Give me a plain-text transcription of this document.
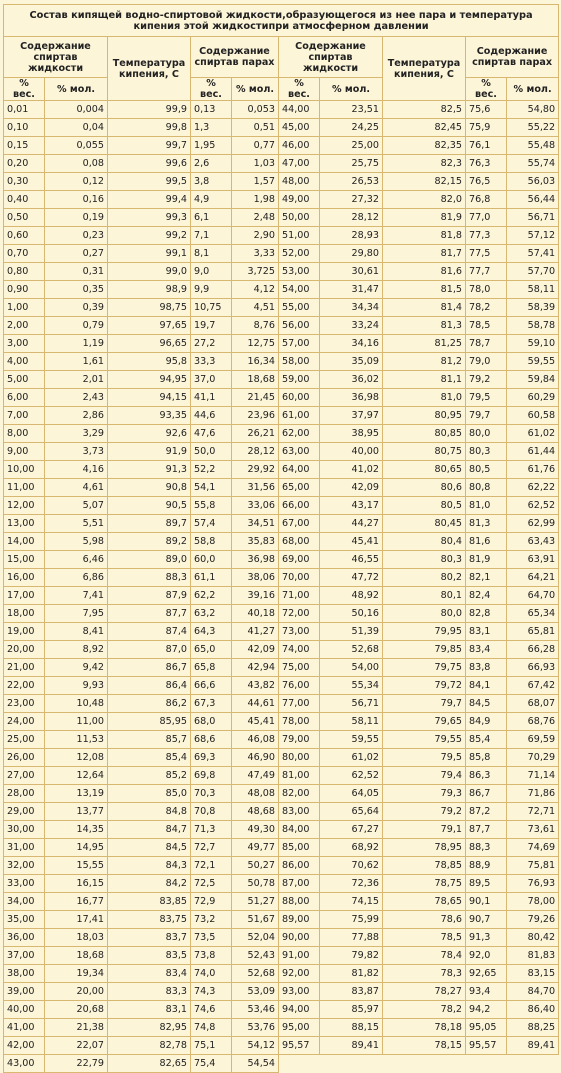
Состав кипящей водно-спиртовой жидкости,образующегося из нее пара и температура кипения этой жидкостипри атмосферном давлении									
Содержание спиртав жидкости		Температура кипения, С	Содержание спиртав парах		Содержание спиртав жидкости		Температура кипения, С	Содержание спиртав парах	
% вес.	% мол.		% вес.	% мол.	% вес.	% мол.		% вес.	% мол.
0,01	0,004	99,9	0,13	0,053	44,00	23,51	82,5	75,6	54,80
0,10	0,04	99,8	1,3	0,51	45,00	24,25	82,45	75,9	55,22
0,15	0,055	99,7	1,95	0,77	46,00	25,00	82,35	76,1	55,48
0,20	0,08	99,6	2,6	1,03	47,00	25,75	82,3	76,3	55,74
0,30	0,12	99,5	3,8	1,57	48,00	26,53	82,15	76,5	56,03
0,40	0,16	99,4	4,9	1,98	49,00	27,32	82,0	76,8	56,44
0,50	0,19	99,3	6,1	2,48	50,00	28,12	81,9	77,0	56,71
0,60	0,23	99,2	7,1	2,90	51,00	28,93	81,8	77,3	57,12
0,70	0,27	99,1	8,1	3,33	52,00	29,80	81,7	77,5	57,41
0,80	0,31	99,0	9,0	3,725	53,00	30,61	81,6	77,7	57,70
0,90	0,35	98,9	9,9	4,12	54,00	31,47	81,5	78,0	58,11
1,00	0,39	98,75	10,75	4,51	55,00	34,34	81,4	78,2	58,39
2,00	0,79	97,65	19,7	8,76	56,00	33,24	81,3	78,5	58,78
3,00	1,19	96,65	27,2	12,75	57,00	34,16	81,25	78,7	59,10
4,00	1,61	95,8	33,3	16,34	58,00	35,09	81,2	79,0	59,55
5,00	2,01	94,95	37,0	18,68	59,00	36,02	81,1	79,2	59,84
6,00	2,43	94,15	41,1	21,45	60,00	36,98	81,0	79,5	60,29
7,00	2,86	93,35	44,6	23,96	61,00	37,97	80,95	79,7	60,58
8,00	3,29	92,6	47,6	26,21	62,00	38,95	80,85	80,0	61,02
9,00	3,73	91,9	50,0	28,12	63,00	40,00	80,75	80,3	61,44
10,00	4,16	91,3	52,2	29,92	64,00	41,02	80,65	80,5	61,76
11,00	4,61	90,8	54,1	31,56	65,00	42,09	80,6	80,8	62,22
12,00	5,07	90,5	55,8	33,06	66,00	43,17	80,5	81,0	62,52
13,00	5,51	89,7	57,4	34,51	67,00	44,27	80,45	81,3	62,99
14,00	5,98	89,2	58,8	35,83	68,00	45,41	80,4	81,6	63,43
15,00	6,46	89,0	60,0	36,98	69,00	46,55	80,3	81,9	63,91
16,00	6,86	88,3	61,1	38,06	70,00	47,72	80,2	82,1	64,21
17,00	7,41	87,9	62,2	39,16	71,00	48,92	80,1	82,4	64,70
18,00	7,95	87,7	63,2	40,18	72,00	50,16	80,0	82,8	65,34
19,00	8,41	87,4	64,3	41,27	73,00	51,39	79,95	83,1	65,81
20,00	8,92	87,0	65,0	42,09	74,00	52,68	79,85	83,4	66,28
21,00	9,42	86,7	65,8	42,94	75,00	54,00	79,75	83,8	66,93
22,00	9,93	86,4	66,6	43,82	76,00	55,34	79,72	84,1	67,42
23,00	10,48	86,2	67,3	44,61	77,00	56,71	79,7	84,5	68,07
24,00	11,00	85,95	68,0	45,41	78,00	58,11	79,65	84,9	68,76
25,00	11,53	85,7	68,6	46,08	79,00	59,55	79,55	85,4	69,59
26,00	12,08	85,4	69,3	46,90	80,00	61,02	79,5	85,8	70,29
27,00	12,64	85,2	69,8	47,49	81,00	62,52	79,4	86,3	71,14
28,00	13,19	85,0	70,3	48,08	82,00	64,05	79,3	86,7	71,86
29,00	13,77	84,8	70,8	48,68	83,00	65,64	79,2	87,2	72,71
30,00	14,35	84,7	71,3	49,30	84,00	67,27	79,1	87,7	73,61
31,00	14,95	84,5	72,7	49,77	85,00	68,92	78,95	88,3	74,69
32,00	15,55	84,3	72,1	50,27	86,00	70,62	78,85	88,9	75,81
33,00	16,15	84,2	72,5	50,78	87,00	72,36	78,75	89,5	76,93
34,00	16,77	83,85	72,9	51,27	88,00	74,15	78,65	90,1	78,00
35,00	17,41	83,75	73,2	51,67	89,00	75,99	78,6	90,7	79,26
36,00	18,03	83,7	73,5	52,04	90,00	77,88	78,5	91,3	80,42
37,00	18,68	83,5	73,8	52,43	91,00	79,82	78,4	92,0	81,83
38,00	19,34	83,4	74,0	52,68	92,00	81,82	78,3	92,65	83,15
39,00	20,00	83,3	74,3	53,09	93,00	83,87	78,27	93,4	84,70
40,00	20,68	83,1	74,6	53,46	94,00	85,97	78,2	94,2	86,40
41,00	21,38	82,95	74,8	53,76	95,00	88,15	78,18	95,05	88,25
42,00	22,07	82,78	75,1	54,12	95,57	89,41	78,15	95,57	89,41
43,00	22,79	82,65	75,4	54,54					
